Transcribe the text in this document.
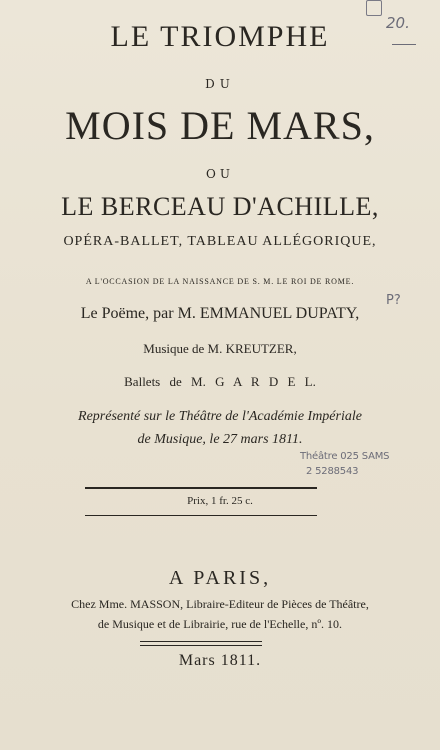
20.
LE TRIOMPHE
DU
MOIS DE MARS,
OU
LE BERCEAU D'ACHILLE,
OPÉRA-BALLET, TABLEAU ALLÉGORIQUE,
A L'OCCASION DE LA NAISSANCE DE S. M. LE ROI DE ROME.
P?
Le Poëme, par M. EMMANUEL DUPATY,
Musique de M. KREUTZER,
Ballets de M. G A R D E L.
Représenté sur le Théâtre de l'Académie Impériale
de Musique, le 27 mars 1811.
Théâtre 025 SAMS
2 5288543
Prix, 1 fr. 25 c.
A PARIS,
Chez Mme. MASSON, Libraire-Editeur de Pièces de Théâtre,
de Musique et de Librairie, rue de l'Echelle, nº. 10.
Mars 1811.
